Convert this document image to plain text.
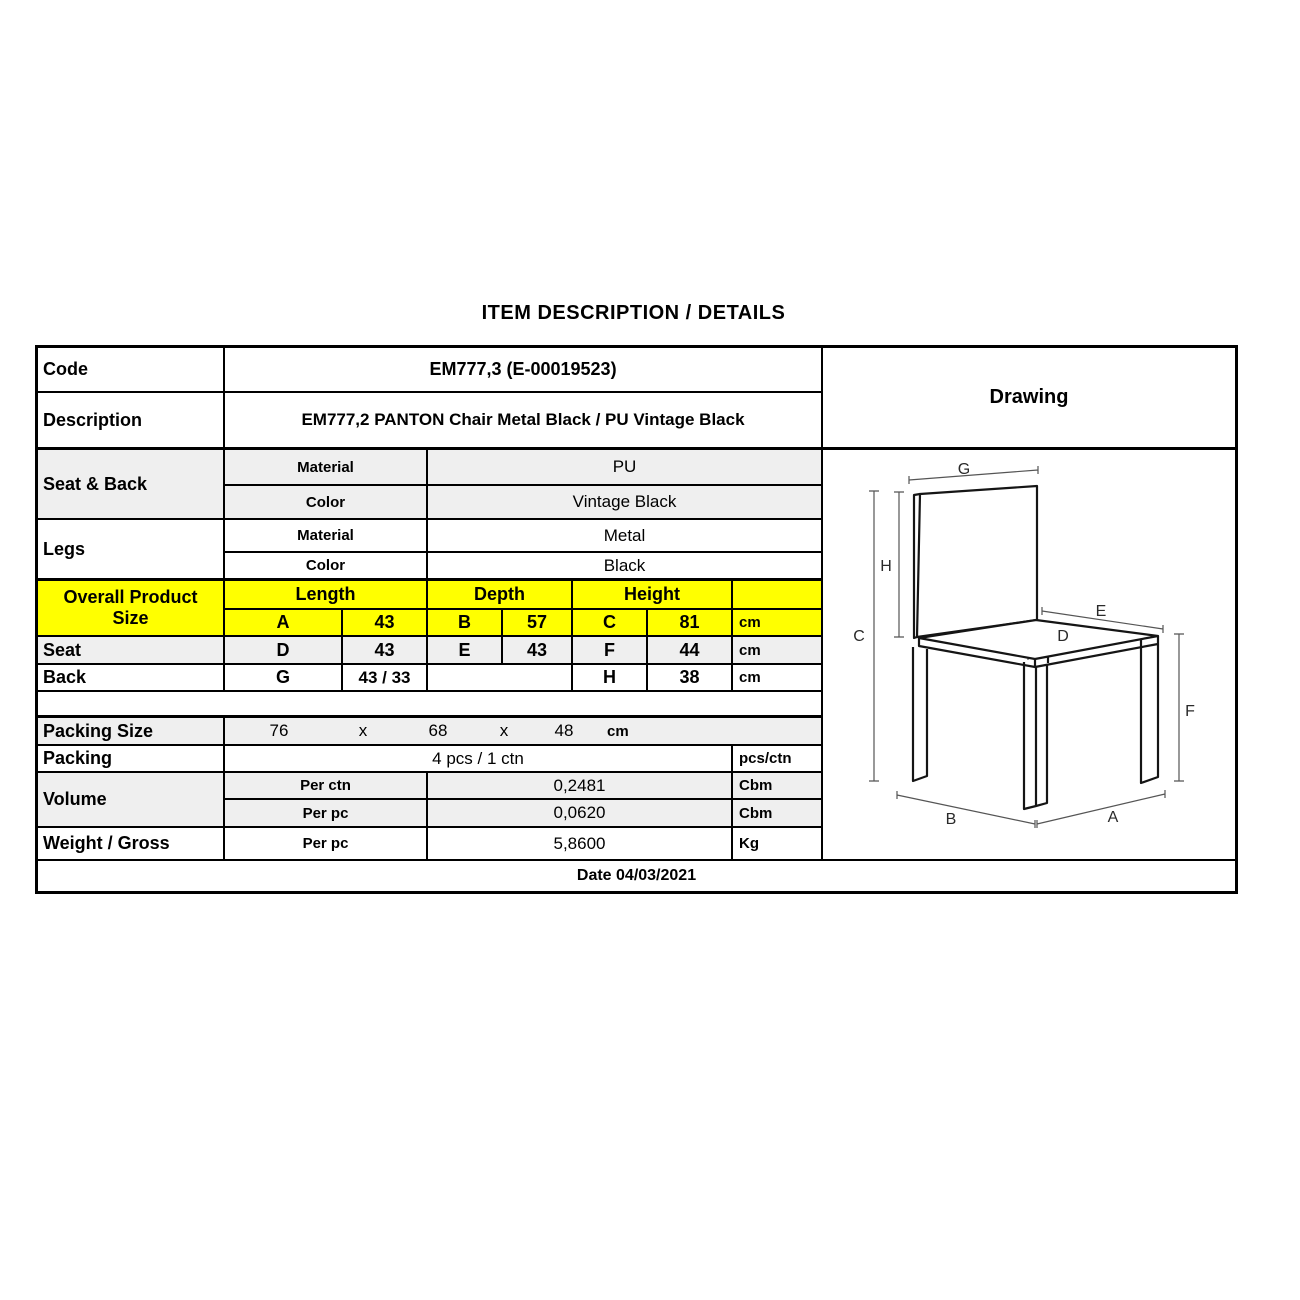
ITEM DESCRIPTION / DETAILS
Code	EM777,3 (E-00019523)
Drawing
Description	EM777,2 PANTON Chair Metal Black / PU Vintage Black
Seat & Back
Material	PU
Color	Vintage Black
G
H
C
E
D
F
A
B
Legs
Material	Metal
Color	Black
Overall Product
Size
Length	Depth	Height
A	43	B	57	C	81	cm
Seat	D	43	E	43	F	44	cm
Back	G	43 / 33	H	38	cm
Packing Size	76	x	68	x	48	cm
Packing	4 pcs / 1 ctn	pcs/ctn
Volume
Per ctn	0,2481	Cbm
Per pc	0,0620	Cbm
Weight / Gross	Per pc	5,8600	Kg
Date 04/03/2021
